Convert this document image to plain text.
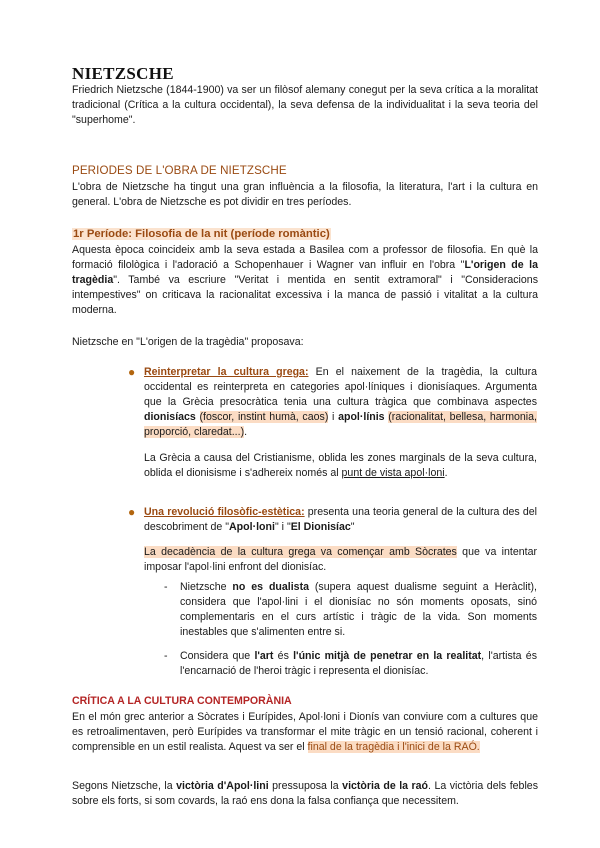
NIETZSCHE
Friedrich Nietzsche (1844-1900) va ser un filòsof alemany conegut per la seva crítica a la moralitat tradicional (Crítica a la cultura occidental), la seva defensa de la individualitat i la seva teoria del "superhome".
PERIODES DE L'OBRA DE NIETZSCHE
L'obra de Nietzsche ha tingut una gran influència a la filosofia, la literatura, l'art i la cultura en general. L'obra de Nietzsche es pot dividir en tres períodes.
1r Període: Filosofia de la nit (període romàntic)
Aquesta època coincideix amb la seva estada a Basilea com a professor de filosofia. En què la formació filològica i l'adoració a Schopenhauer i Wagner van influir en l'obra "L'origen de la tragèdia". També va escriure "Veritat i mentida en sentit extramoral" i "Consideracions intempestives" on criticava la racionalitat excessiva i la manca de passió i vitalitat a la cultura moderna.
Nietzsche en "L'origen de la tragèdia" proposava:
● Reinterpretar la cultura grega: En el naixement de la tragèdia, la cultura occidental es reinterpreta en categories apol·líniques i dionisíaques. Argumenta que la Grècia presocràtica tenia una cultura tràgica que combinava aspectes dionisíacs (foscor, instint humà, caos) i apol·línis (racionalitat, bellesa, harmonia, proporció, claredat...).
La Grècia a causa del Cristianisme, oblida les zones marginals de la seva cultura, oblida el dionisisme i s'adhereix només al punt de vista apol·loni.
● Una revolució filosòfic-estètica: presenta una teoria general de la cultura des del descobriment de "Apol·loni" i "El Dionisíac"
La decadència de la cultura grega va començar amb Sòcrates que va intentar imposar l'apol·lini enfront del dionisíac.
- Nietzsche no es dualista (supera aquest dualisme seguint a Heràclit), considera que l'apol·lini i el dionisíac no són moments oposats, sinó complementaris en el curs artístic i tràgic de la vida. Son moments inestables que s'alimenten entre si.
- Considera que l'art és l'únic mitjà de penetrar en la realitat, l'artista és l'encarnació de l'heroi tràgic i representa el dionisíac.
CRÍTICA A LA CULTURA CONTEMPORÀNIA
En el món grec anterior a Sòcrates i Eurípides, Apol·loni i Dionís van conviure com a cultures que es retroalimentaven, però Eurípides va transformar el mite tràgic en un tensió racional, coherent i comprensible en un estil realista. Aquest va ser el final de la tragèdia i l'inici de la RAÓ.
Segons Nietzsche, la victòria d'Apol·lini pressuposa la victòria de la raó. La victòria dels febles sobre els forts, si som covards, la raó ens dona la falsa confiança que necessitem.
